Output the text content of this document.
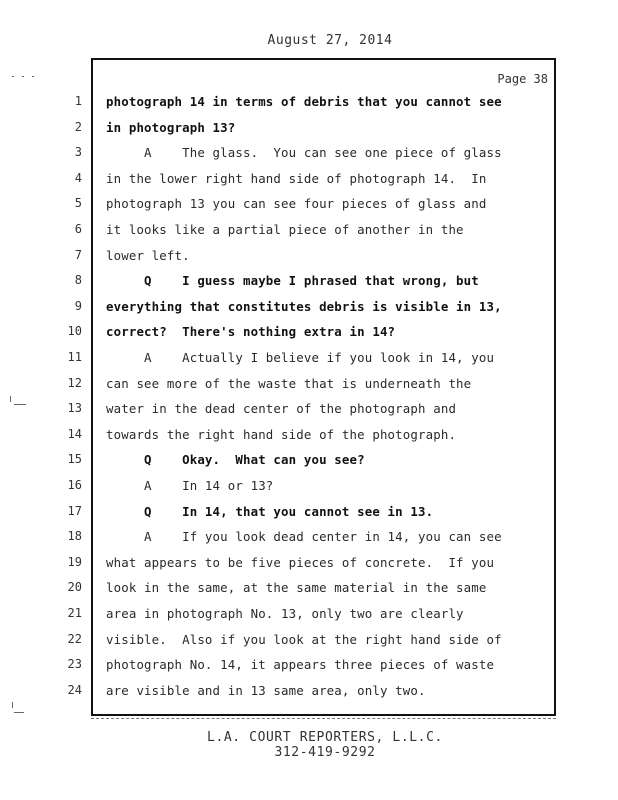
August 27, 2014
Page 38
1 photograph 14 in terms of debris that you cannot see
2 in photograph 13?
3 A    The glass.  You can see one piece of glass
4 in the lower right hand side of photograph 14.  In
5 photograph 13 you can see four pieces of glass and
6 it looks like a partial piece of another in the
7 lower left.
8 Q    I guess maybe I phrased that wrong, but
9 everything that constitutes debris is visible in 13,
10 correct?  There's nothing extra in 14?
11 A    Actually I believe if you look in 14, you
12 can see more of the waste that is underneath the
13 water in the dead center of the photograph and
14 towards the right hand side of the photograph.
15 Q    Okay.  What can you see?
16 A    In 14 or 13?
17 Q    In 14, that you cannot see in 13.
18 A    If you look dead center in 14, you can see
19 what appears to be five pieces of concrete.  If you
20 look in the same, at the same material in the same
21 area in photograph No. 13, only two are clearly
22 visible.  Also if you look at the right hand side of
23 photograph No. 14, it appears three pieces of waste
24 are visible and in 13 same area, only two.
L.A. COURT REPORTERS, L.L.C.
312-419-9292
